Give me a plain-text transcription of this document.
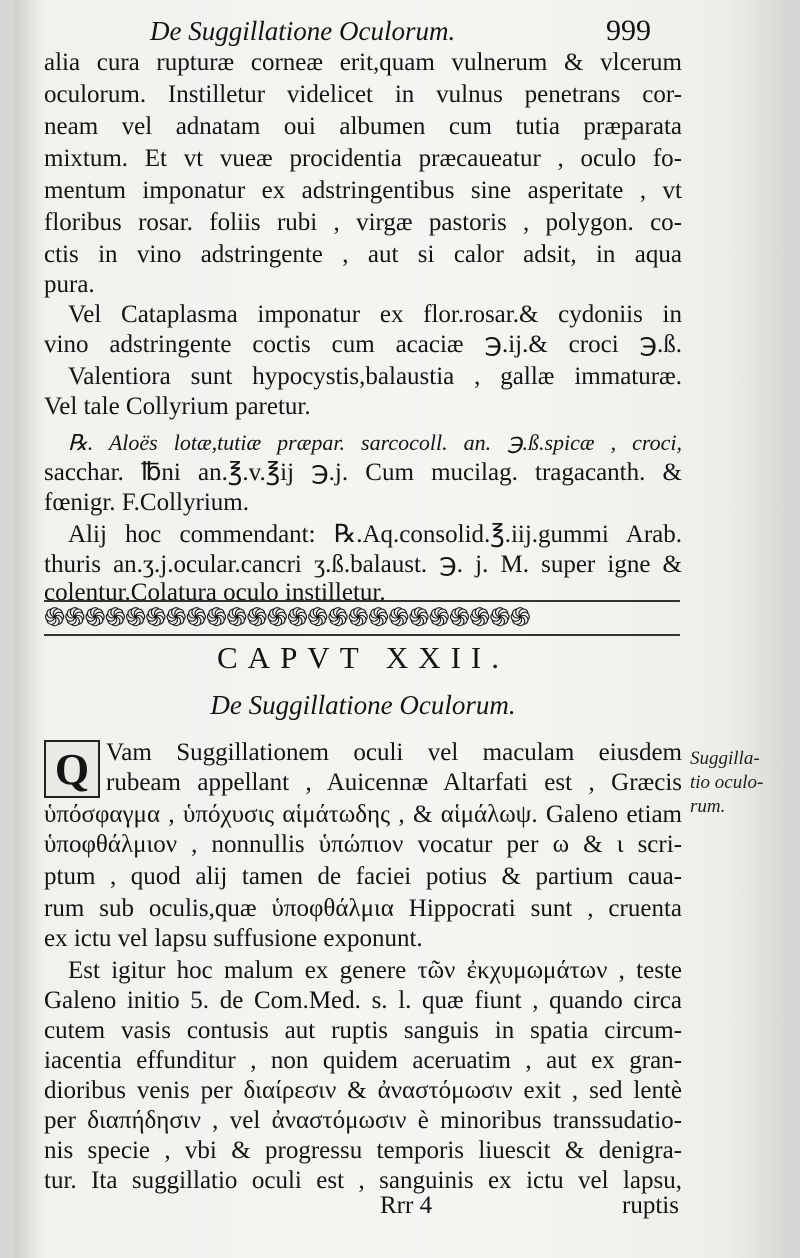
De Suggillatione Oculorum.	999
alia cura rupturæ corneæ erit,quam vulnerum & vlcerum
oculorum. Instilletur videlicet in vulnus penetrans cor-
neam vel adnatam oui albumen cum tutia præparata
mixtum. Et vt vueæ procidentia præcaueatur , oculo fo-
mentum imponatur ex adstringentibus sine asperitate , vt
floribus rosar. foliis rubi , virgæ pastoris , polygon. co-
ctis in vino adstringente , aut si calor adsit, in aqua
pura.
Vel Cataplasma imponatur ex flor.rosar.& cydoniis in
vino adstringente coctis cum acaciæ ℈.ij.& croci ℈.ß.
Valentiora sunt hypocystis,balaustia , gallæ immaturæ.
Vel tale Collyrium paretur.
℞. Aloës lotæ,tutiæ præpar. sarcocoll. an. ℈.ß.spicæ , croci,
sacchar. ℔ni an.℥.v.℥ij ℈.j. Cum mucilag. tragacanth. &
fœnigr. F.Collyrium.
Alij hoc commendant: ℞.Aq.consolid.℥.iij.gummi Arab.
thuris an.ʒ.j.ocular.cancri ʒ.ß.balaust. ℈. j. M. super igne &
colentur.Colatura oculo instilletur.
֍֍֍֍֍֍֍֍֍֍֍֍֍֍֍֍֍֍֍֍֍֍֍֍
CAPVT XXII.
De Suggillatione Oculorum.
Q Vam Suggillationem oculi vel maculam eiusdem
rubeam appellant , Auicennæ Altarfati est , Græcis
ὑπόσφαγμα , ὑπόχυσις αἱμάτωδης , & αἱμάλωψ. Galeno etiam
ὑποφθάλμιον , nonnullis ὑπώπιον vocatur per ω & ι scri-
ptum , quod alij tamen de faciei potius & partium caua-
rum sub oculis,quæ ὑποφθάλμια Hippocrati sunt , cruenta
ex ictu vel lapsu suffusione exponunt.
Est igitur hoc malum ex genere τῶν ἐκχυμωμάτων , teste
Galeno initio 5. de Com.Med. s. l. quæ fiunt , quando circa
cutem vasis contusis aut ruptis sanguis in spatia circum-
iacentia effunditur , non quidem aceruatim , aut ex gran-
dioribus venis per διαίρεσιν & ἀναστόμωσιν exit , sed lentè
per διαπήδησιν , vel ἀναστόμωσιν è minoribus transsudatio-
nis specie , vbi & progressu temporis liuescit & denigra-
tur. Ita suggillatio oculi est , sanguinis ex ictu vel lapsu,
Suggilla-
tio oculo-
rum.
Rrr 4	ruptis
